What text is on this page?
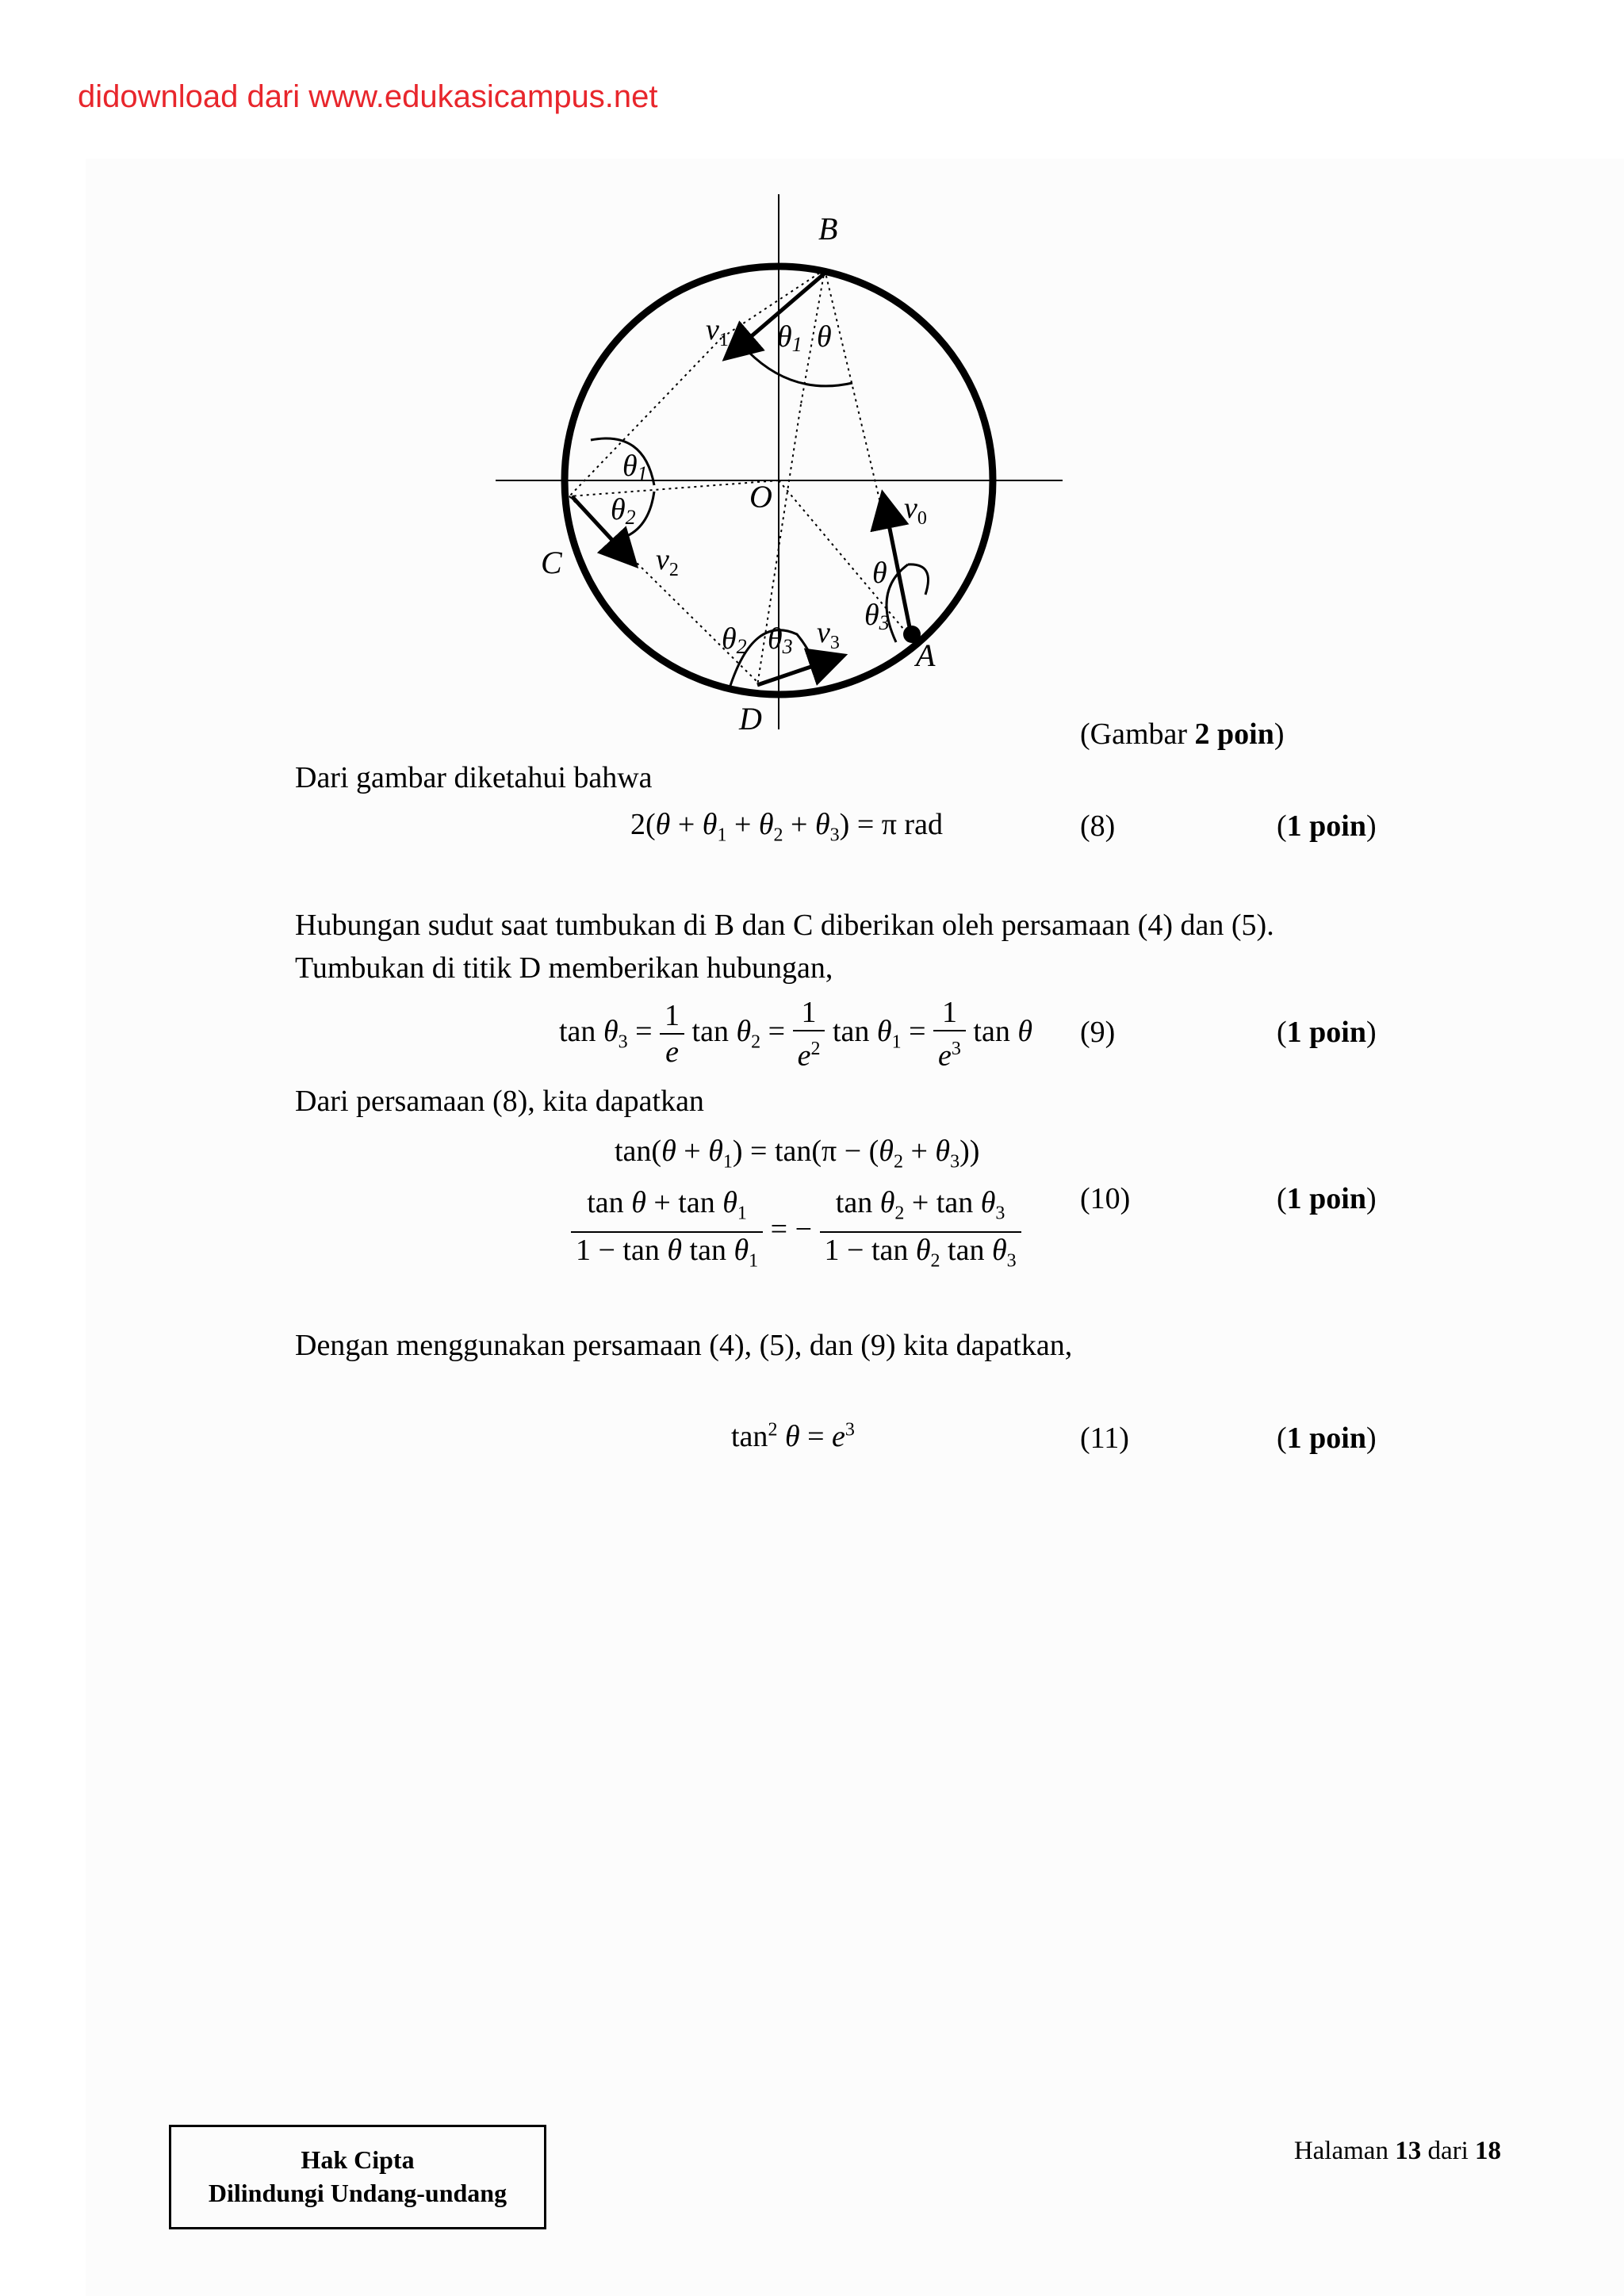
didownload dari www.edukasicampus.net
B
C
D
A
O
$v_1$
$v_2$
$v_3$
$v_0$
θ1 θ
θ1
θ2
θ2 θ3
θ
θ3
(Gambar 2 poin)
Dari gambar diketahui bahwa
$2(\theta + \theta_1 + \theta_2 + \theta_3) = \pi$ rad	(8)	(1 poin)
Hubungan sudut saat tumbukan di B dan C diberikan oleh persamaan (4) dan (5).
Tumbukan di titik D memberikan hubungan,
$\tan \theta_3 = \frac{1}{e}$ $\tan \theta_2 = \frac{1}{e^2}$ $\tan \theta_1 = \frac{1}{e^3}$ tan θ (9)	(1 poin)
Dari persamaan (8), kita dapatkan
$\tan(\theta + \theta_1) = \tan(\pi - (\theta_2 + \theta_3))$
$\frac{\tan \theta + \tan \theta_1}{1 - \tan \theta \tan \theta_1}$ = − $\frac{\tan \theta_2 + \tan \theta_3}{1 - \tan \theta_2 \tan \theta_3} (10)$	(1 poin)
Dengan menggunakan persamaan (4), (5), dan (9) kita dapatkan,
$\tan^2 \theta = e^3$	(11)	(1 poin)
Hak Cipta
Dilindungi Undang-undang
Halaman 13 dari 18
